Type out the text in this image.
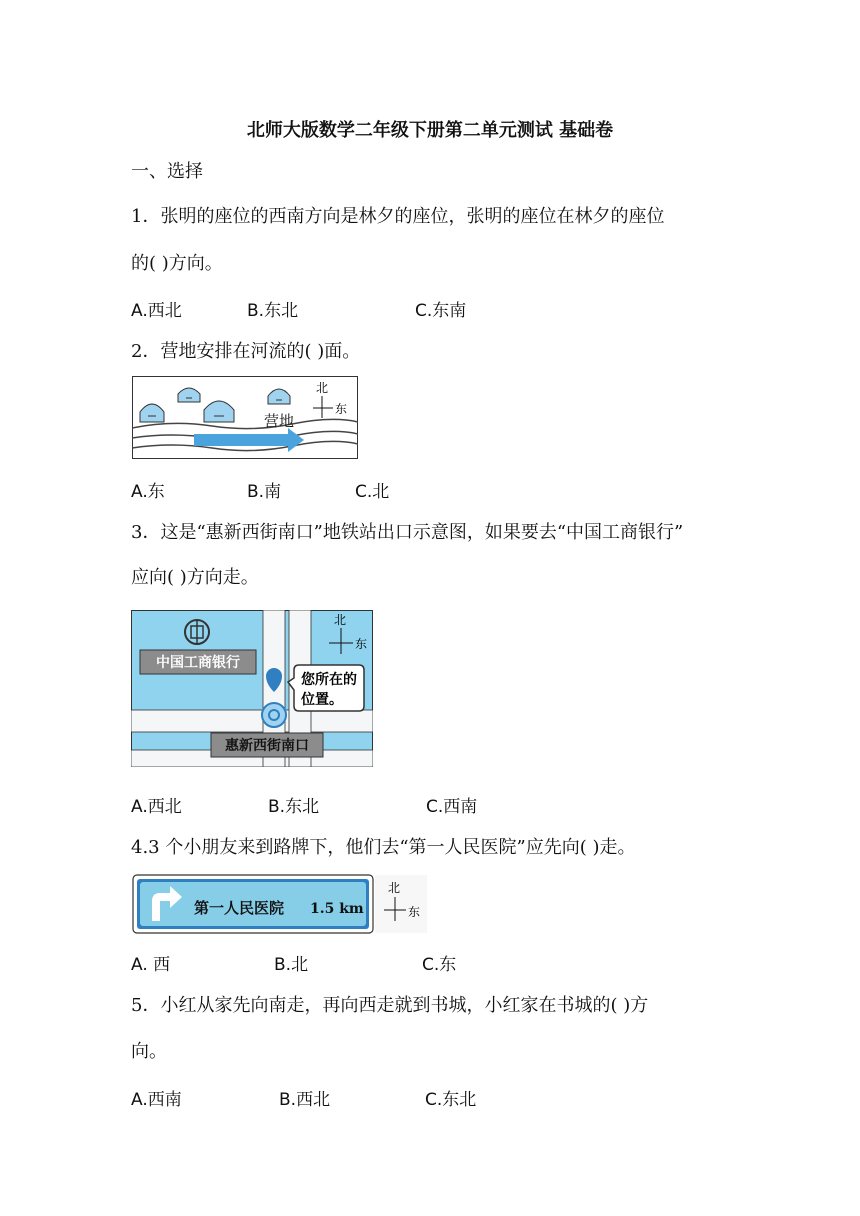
北师大版数学二年级下册第二单元测试 基础卷
一、选择
1．张明的座位的西南方向是林夕的座位，张明的座位在林夕的座位
的( )方向。
A.西北	B.东北	C.东南
2．营地安排在河流的( )面。
营地
北
东
A.东	B.南	C.北
3．这是“惠新西街南口”地铁站出口示意图，如果要去“中国工商银行”
应向( )方向走。
中国工商银行
您所在的
位置。
惠新西街南口
北
东
A.西北	B.东北	C.西南
4.3 个小朋友来到路牌下，他们去“第一人民医院”应先向( )走。
第一人民医院 1.5 km
北
东
A. 西	B.北	C.东
5．小红从家先向南走，再向西走就到书城，小红家在书城的( )方
向。
A.西南	B.西北	C.东北
